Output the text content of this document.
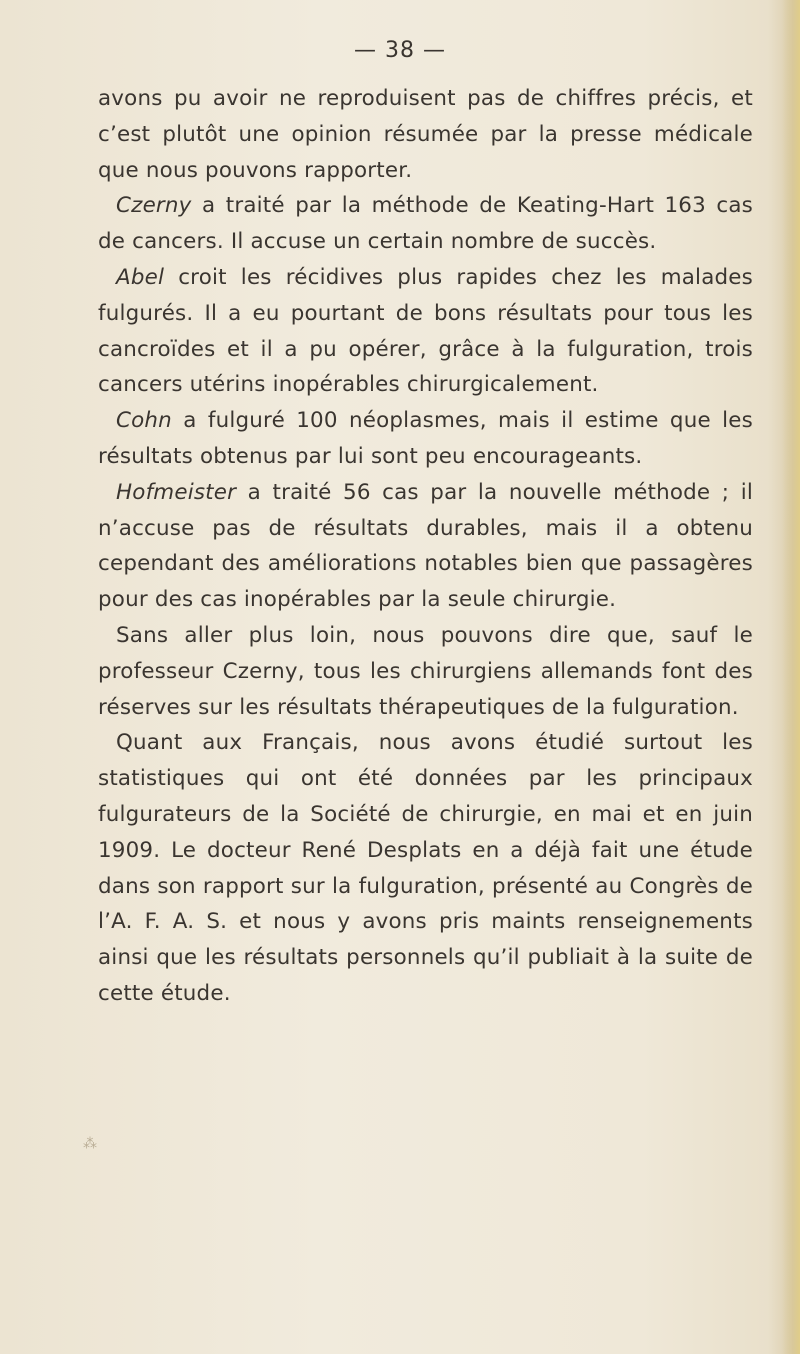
— 38 —

avons pu avoir ne reproduisent pas de chiffres précis, et c’est plutôt une opinion résumée par la presse médicale que nous pouvons rapporter.

Czerny a traité par la méthode de Keating-Hart 163 cas de cancers. Il accuse un certain nombre de succès.

Abel croit les récidives plus rapides chez les malades fulgurés. Il a eu pourtant de bons résultats pour tous les cancroïdes et il a pu opérer, grâce à la fulguration, trois cancers utérins inopérables chirurgicalement.

Cohn a fulguré 100 néoplasmes, mais il estime que les résultats obtenus par lui sont peu encourageants.

Hofmeister a traité 56 cas par la nouvelle méthode ; il n’accuse pas de résultats durables, mais il a obtenu cependant des améliorations notables bien que passagères pour des cas inopérables par la seule chirurgie.

Sans aller plus loin, nous pouvons dire que, sauf le professeur Czerny, tous les chirurgiens allemands font des réserves sur les résultats thérapeutiques de la fulguration.

Quant aux Français, nous avons étudié surtout les statistiques qui ont été données par les principaux fulgurateurs de la Société de chirurgie, en mai et en juin 1909. Le docteur René Desplats en a déjà fait une étude dans son rapport sur la fulguration, présenté au Congrès de l’A. F. A. S. et nous y avons pris maints renseignements ainsi que les résultats personnels qu’il publiait à la suite de cette étude.

⁂
